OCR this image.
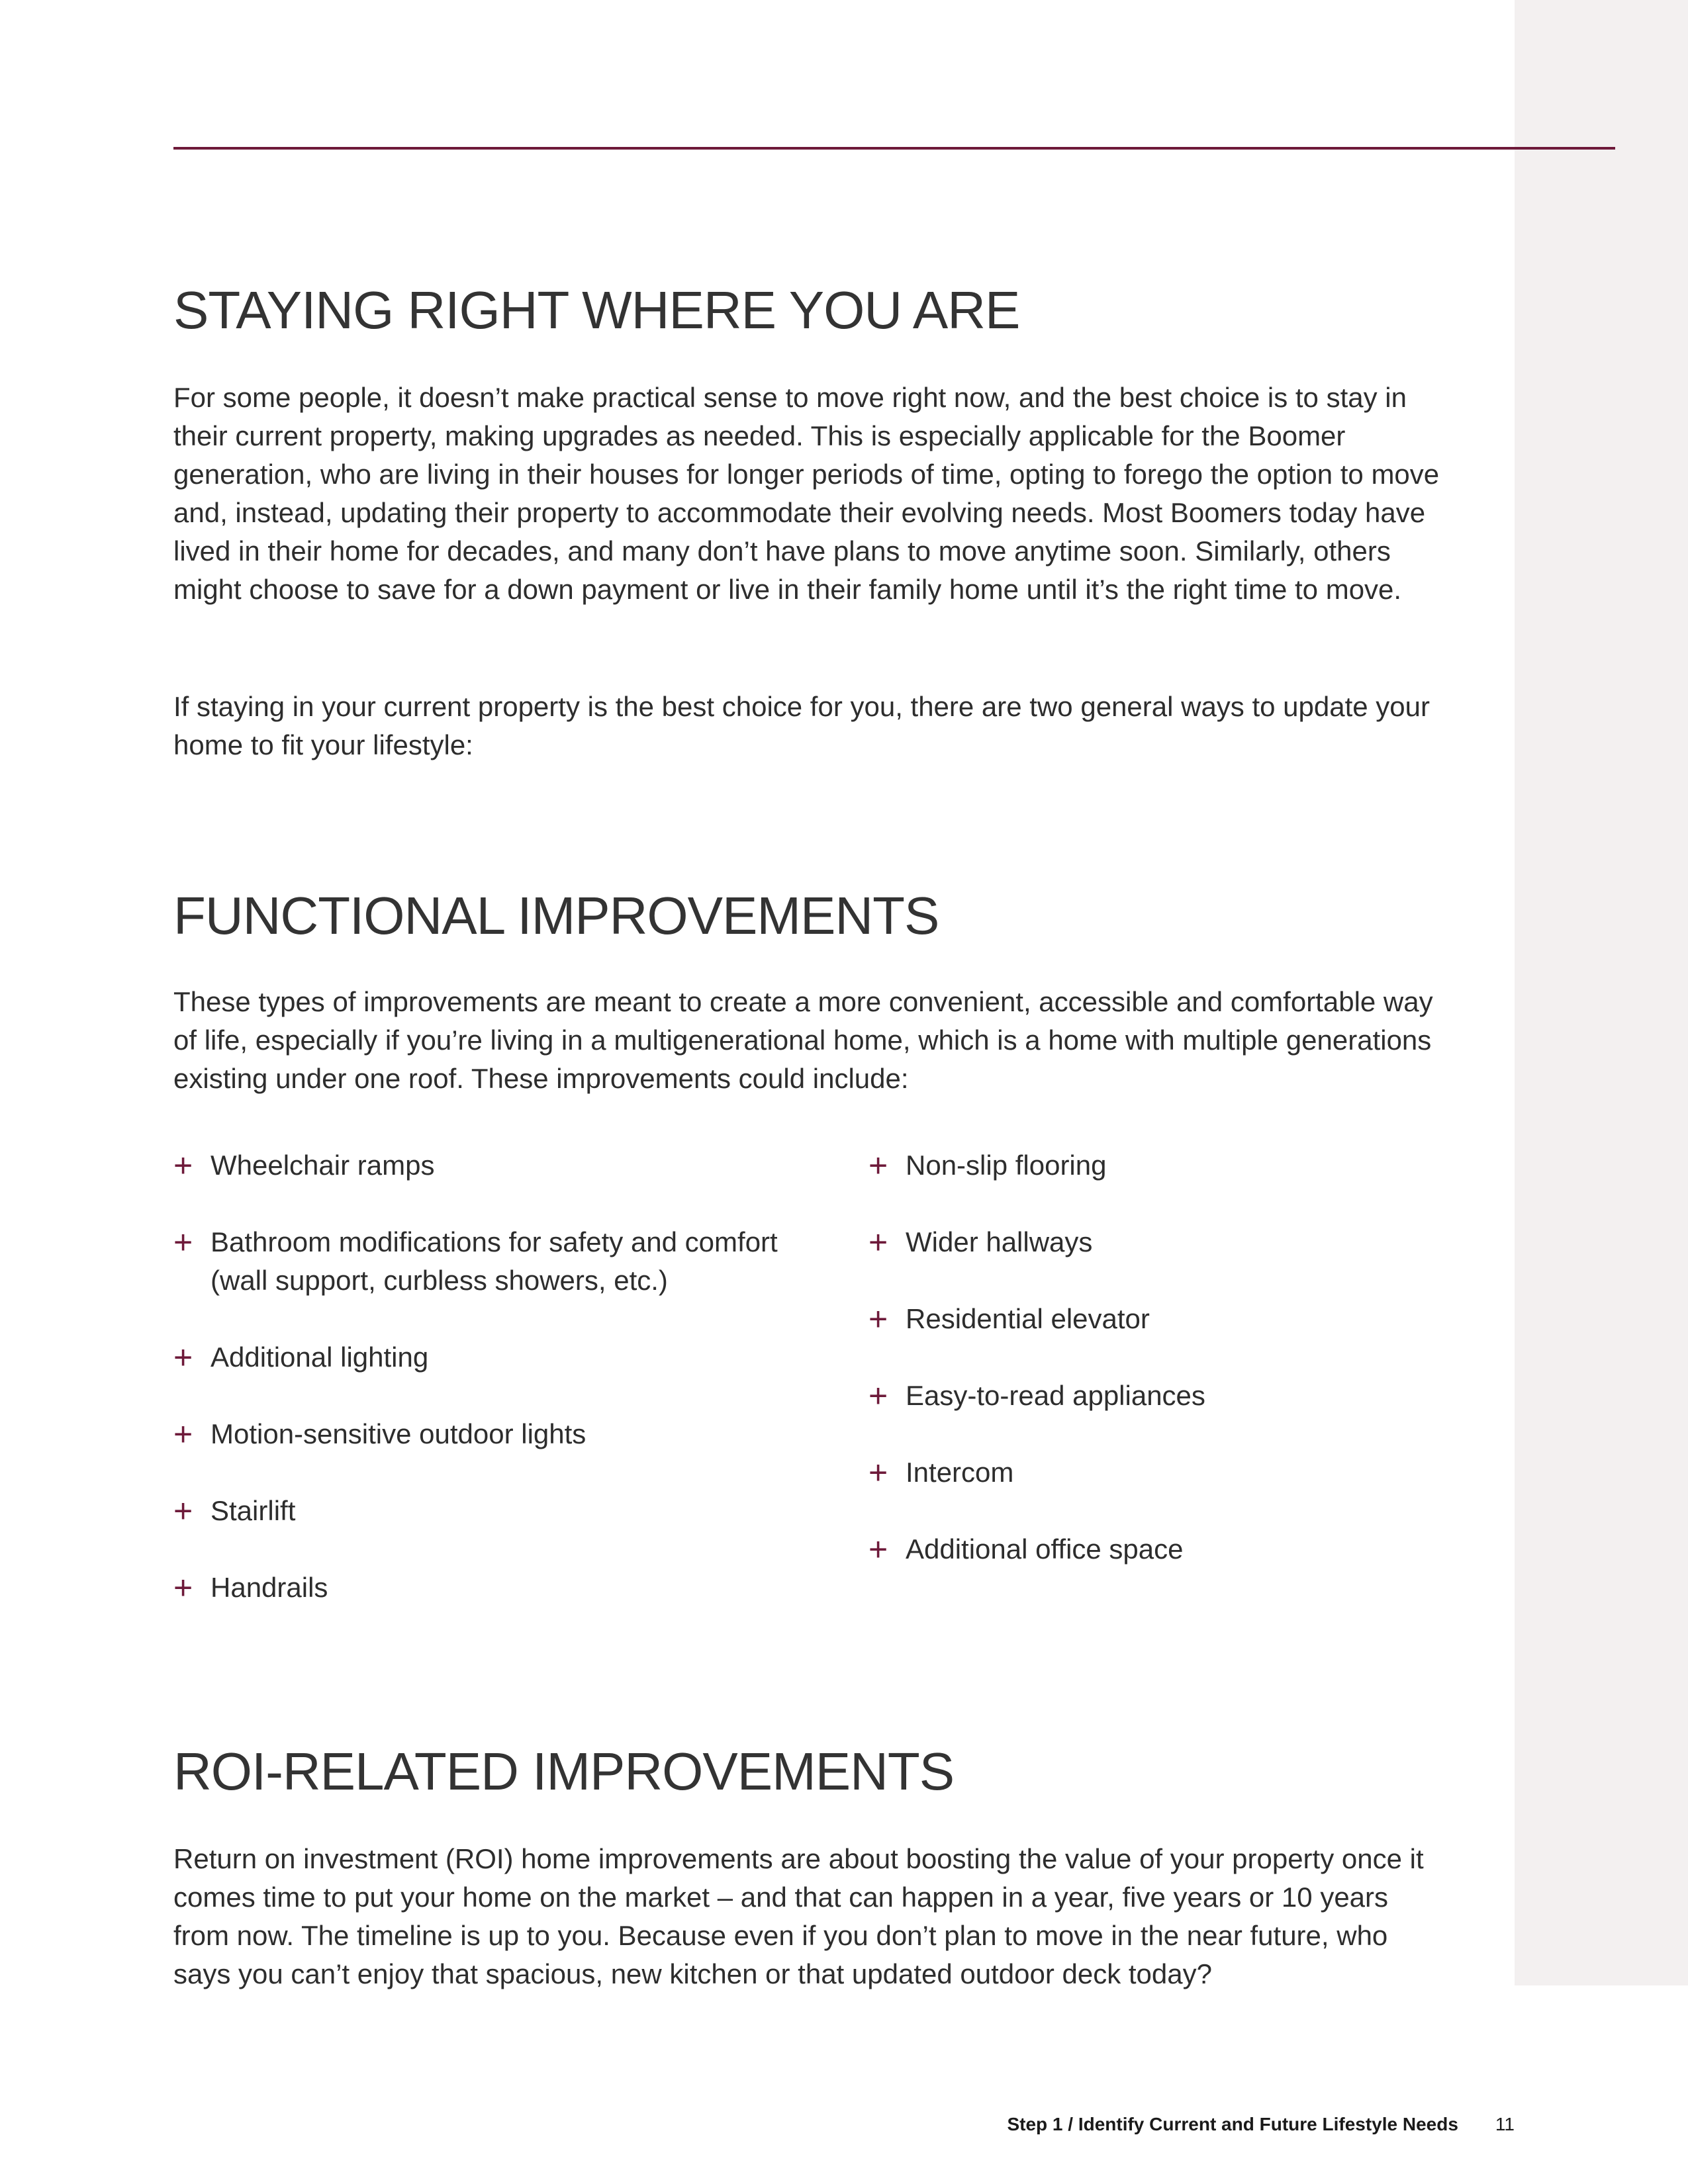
STAYING RIGHT WHERE YOU ARE

For some people, it doesn’t make practical sense to move right now, and the best choice is to stay in their current property, making upgrades as needed. This is especially applicable for the Boomer generation, who are living in their houses for longer periods of time, opting to forego the option to move and, instead, updating their property to accommodate their evolving needs. Most Boomers today have lived in their home for decades, and many don’t have plans to move anytime soon. Similarly, others might choose to save for a down payment or live in their family home until it’s the right time to move.

If staying in your current property is the best choice for you, there are two general ways to update your home to fit your lifestyle:

FUNCTIONAL IMPROVEMENTS

These types of improvements are meant to create a more convenient, accessible and comfortable way of life, especially if you’re living in a multigenerational home, which is a home with multiple generations existing under one roof. These improvements could include:

+ Wheelchair ramps
+ Bathroom modifications for safety and comfort (wall support, curbless showers, etc.)
+ Additional lighting
+ Motion-sensitive outdoor lights
+ Stairlift
+ Handrails
+ Non-slip flooring
+ Wider hallways
+ Residential elevator
+ Easy-to-read appliances
+ Intercom
+ Additional office space
ROI-RELATED IMPROVEMENTS

Return on investment (ROI) home improvements are about boosting the value of your property once it comes time to put your home on the market – and that can happen in a year, five years or 10 years from now. The timeline is up to you. Because even if you don’t plan to move in the near future, who says you can’t enjoy that spacious, new kitchen or that updated outdoor deck today?

Step 1 / Identify Current and Future Lifestyle Needs 11
